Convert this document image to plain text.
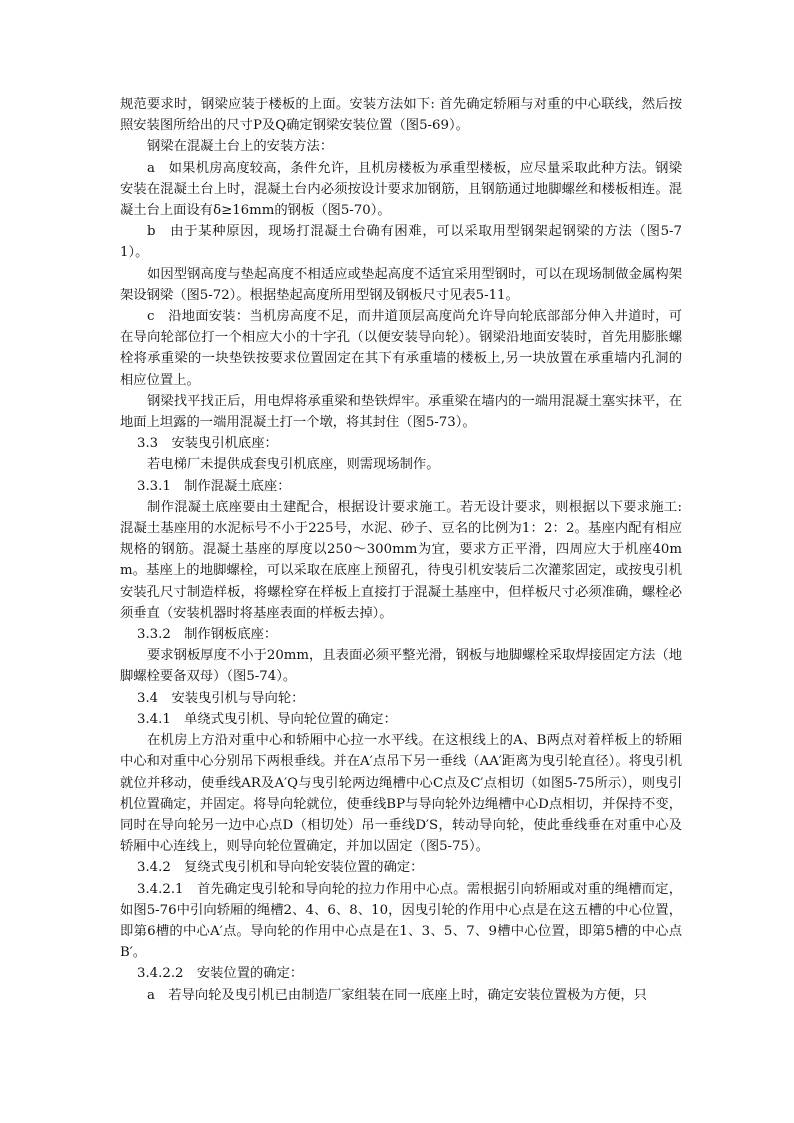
规范要求时，钢梁应装于楼板的上面。安装方法如下: 首先确定轿厢与对重的中心联线，然后按照安装图所给出的尺寸P及Q确定钢梁安装位置（图5-69）。

钢梁在混凝土台上的安装方法：

a　如果机房高度较高，条件允许，且机房楼板为承重型楼板，应尽量采取此种方法。钢梁安装在混凝土台上时，混凝土台内必须按设计要求加钢筋，且钢筋通过地脚螺丝和楼板相连。混凝土台上面设有δ≥16mm的钢板（图5-70）。

b　由于某种原因，现场打混凝土台确有困难，可以采取用型钢架起钢梁的方法（图5-71）。

如因型钢高度与垫起高度不相适应或垫起高度不适宜采用型钢时，可以在现场制做金属构架架设钢梁（图5-72）。根据垫起高度所用型钢及钢板尺寸见表5-11。

c　沿地面安装：当机房高度不足，而井道顶层高度尚允许导向轮底部部分伸入井道时，可在导向轮部位打一个相应大小的十字孔（以便安装导向轮）。钢梁沿地面安装时，首先用膨胀螺栓将承重梁的一块垫铁按要求位置固定在其下有承重墙的楼板上,另一块放置在承重墙内孔洞的相应位置上。

钢梁找平找正后，用电焊将承重梁和垫铁焊牢。承重梁在墙内的一端用混凝土塞实抹平，在地面上坦露的一端用混凝土打一个墩，将其封住（图5-73）。

3.3　安装曳引机底座：

若电梯厂未提供成套曳引机底座，则需现场制作。

3.3.1　制作混凝土底座：

制作混凝土底座要由土建配合，根据设计要求施工。若无设计要求，则根据以下要求施工: 混凝土基座用的水泥标号不小于225号，水泥、砂子、豆名的比例为1：2：2。基座内配有相应规格的钢筋。混凝土基座的厚度以250～300mm为宜，要求方正平滑，四周应大于机座40mm。基座上的地脚螺栓，可以采取在底座上预留孔，待曳引机安装后二次灌浆固定，或按曳引机安装孔尺寸制造样板，将螺栓穿在样板上直接打于混凝土基座中，但样板尺寸必须准确，螺栓必须垂直（安装机器时将基座表面的样板去掉）。

3.3.2　制作钢板底座：

要求钢板厚度不小于20mm，且表面必须平整光滑，钢板与地脚螺栓采取焊接固定方法（地脚螺栓要备双母）（图5-74）。

3.4　安装曳引机与导向轮：

3.4.1　单绕式曳引机、导向轮位置的确定：

在机房上方沿对重中心和轿厢中心拉一水平线。在这根线上的A、B两点对着样板上的轿厢中心和对重中心分别吊下两根垂线。并在A′点吊下另一垂线（AA′距离为曳引轮直径）。将曳引机就位并移动，使垂线AR及A′Q与曳引轮两边绳槽中心C点及C′点相切（如图5-75所示），则曳引机位置确定，并固定。将导向轮就位，使垂线BP与导向轮外边绳槽中心D点相切，并保持不变，同时在导向轮另一边中心点D（相切处）吊一垂线D′S，转动导向轮，使此垂线垂在对重中心及轿厢中心连线上，则导向轮位置确定，并加以固定（图5-75）。

3.4.2　复绕式曳引机和导向轮安装位置的确定：

3.4.2.1　首先确定曳引轮和导向轮的拉力作用中心点。需根据引向轿厢或对重的绳槽而定，如图5-76中引向轿厢的绳槽2、4、6、8、10，因曳引轮的作用中心点是在这五槽的中心位置，即第6槽的中心A′点。导向轮的作用中心点是在1、3、5、7、9槽中心位置，即第5槽的中心点B′。

3.4.2.2　安装位置的确定：

a　若导向轮及曳引机已由制造厂家组装在同一底座上时，确定安装位置极为方便，只
